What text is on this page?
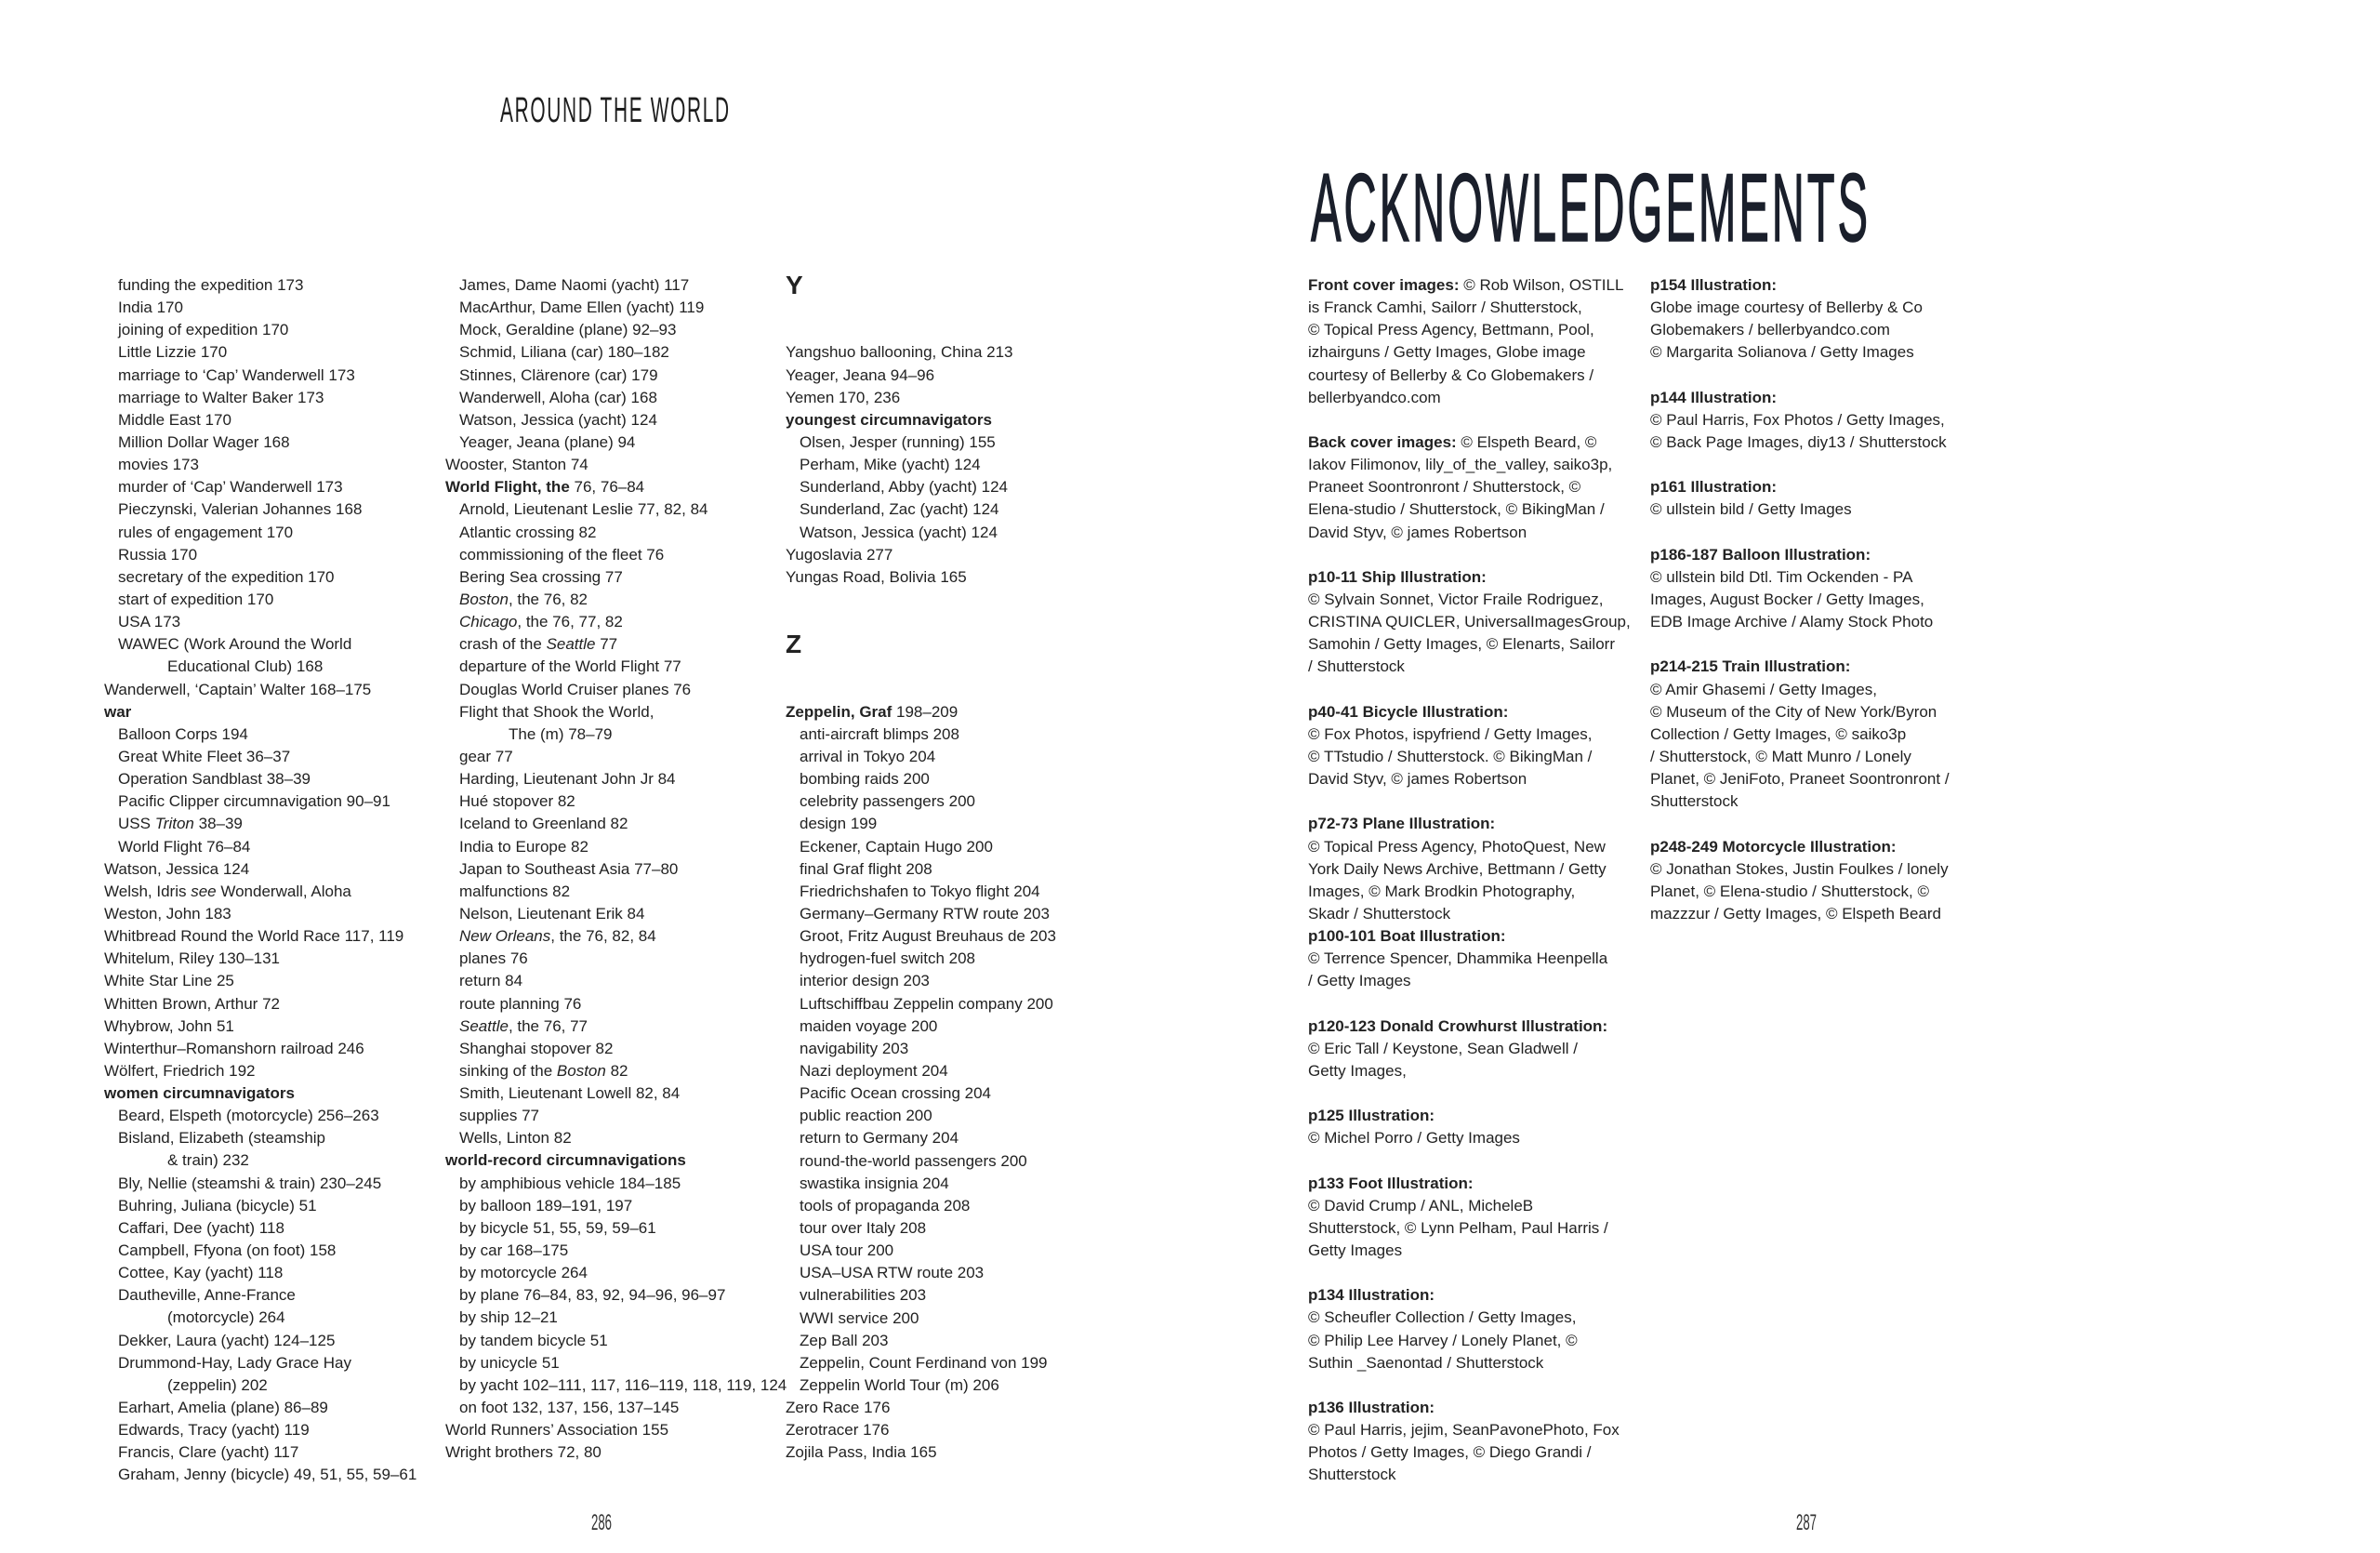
AROUND THE WORLD
funding the expedition 173
India 170
joining of expedition 170
Little Lizzie 170
marriage to ‘Cap’ Wanderwell 173
marriage to Walter Baker 173
Middle East 170
Million Dollar Wager 168
movies 173
murder of ‘Cap’ Wanderwell 173
Pieczynski, Valerian Johannes 168
rules of engagement 170
Russia 170
secretary of the expedition 170
start of expedition 170
USA 173
WAWEC (Work Around the World
Educational Club) 168
Wanderwell, ‘Captain’ Walter 168–175
war
Balloon Corps 194
Great White Fleet 36–37
Operation Sandblast 38–39
Pacific Clipper circumnavigation 90–91
USS Triton 38–39
World Flight 76–84
Watson, Jessica 124
Welsh, Idris see Wonderwall, Aloha
Weston, John 183
Whitbread Round the World Race 117, 119
Whitelum, Riley 130–131
White Star Line 25
Whitten Brown, Arthur 72
Whybrow, John 51
Winterthur–Romanshorn railroad 246
Wölfert, Friedrich 192
women circumnavigators
Beard, Elspeth (motorcycle) 256–263
Bisland, Elizabeth (steamship
& train) 232
Bly, Nellie (steamshi & train) 230–245
Buhring, Juliana (bicycle) 51
Caffari, Dee (yacht) 118
Campbell, Ffyona (on foot) 158
Cottee, Kay (yacht) 118
Dautheville, Anne-France
(motorcycle) 264
Dekker, Laura (yacht) 124–125
Drummond-Hay, Lady Grace Hay
(zeppelin) 202
Earhart, Amelia (plane) 86–89
Edwards, Tracy (yacht) 119
Francis, Clare (yacht) 117
Graham, Jenny (bicycle) 49, 51, 55, 59–61
James, Dame Naomi (yacht) 117
MacArthur, Dame Ellen (yacht) 119
Mock, Geraldine (plane) 92–93
Schmid, Liliana (car) 180–182
Stinnes, Clärenore (car) 179
Wanderwell, Aloha (car) 168
Watson, Jessica (yacht) 124
Yeager, Jeana (plane) 94
Wooster, Stanton 74
World Flight, the 76, 76–84
Arnold, Lieutenant Leslie 77, 82, 84
Atlantic crossing 82
commissioning of the fleet 76
Bering Sea crossing 77
Boston, the 76, 82
Chicago, the 76, 77, 82
crash of the Seattle 77
departure of the World Flight 77
Douglas World Cruiser planes 76
Flight that Shook the World,
The (m) 78–79
gear 77
Harding, Lieutenant John Jr 84
Hué stopover 82
Iceland to Greenland 82
India to Europe 82
Japan to Southeast Asia 77–80
malfunctions 82
Nelson, Lieutenant Erik 84
New Orleans, the 76, 82, 84
planes 76
return 84
route planning 76
Seattle, the 76, 77
Shanghai stopover 82
sinking of the Boston 82
Smith, Lieutenant Lowell 82, 84
supplies 77
Wells, Linton 82
world-record circumnavigations
by amphibious vehicle 184–185
by balloon 189–191, 197
by bicycle 51, 55, 59, 59–61
by car 168–175
by motorcycle 264
by plane 76–84, 83, 92, 94–96, 96–97
by ship 12–21
by tandem bicycle 51
by unicycle 51
by yacht 102–111, 117, 116–119, 118, 119, 124
on foot 132, 137, 156, 137–145
World Runners’ Association 155
Wright brothers 72, 80
Y
Yangshuo ballooning, China 213
Yeager, Jeana 94–96
Yemen 170, 236
youngest circumnavigators
Olsen, Jesper (running) 155
Perham, Mike (yacht) 124
Sunderland, Abby (yacht) 124
Sunderland, Zac (yacht) 124
Watson, Jessica (yacht) 124
Yugoslavia 277
Yungas Road, Bolivia 165
Z
Zeppelin, Graf 198–209
anti-aircraft blimps 208
arrival in Tokyo 204
bombing raids 200
celebrity passengers 200
design 199
Eckener, Captain Hugo 200
final Graf flight 208
Friedrichshafen to Tokyo flight 204
Germany–Germany RTW route 203
Groot, Fritz August Breuhaus de 203
hydrogen-fuel switch 208
interior design 203
Luftschiffbau Zeppelin company 200
maiden voyage 200
navigability 203
Nazi deployment 204
Pacific Ocean crossing 204
public reaction 200
return to Germany 204
round-the-world passengers 200
swastika insignia 204
tools of propaganda 208
tour over Italy 208
USA tour 200
USA–USA RTW route 203
vulnerabilities 203
WWI service 200
Zep Ball 203
Zeppelin, Count Ferdinand von 199
Zeppelin World Tour (m) 206
Zero Race 176
Zerotracer 176
Zojila Pass, India 165
286
ACKNOWLEDGEMENTS
Front cover images: © Rob Wilson, OSTILL
is Franck Camhi, Sailorr / Shutterstock,
© Topical Press Agency, Bettmann, Pool,
izhairguns / Getty Images, Globe image
courtesy of Bellerby & Co Globemakers /
bellerbyandco.com
Back cover images: © Elspeth Beard, ©
Iakov Filimonov, lily_of_the_valley, saiko3p,
Praneet Soontronront / Shutterstock, ©
Elena-studio / Shutterstock, © BikingMan /
David Styv, © james Robertson
p10-11 Ship Illustration:
© Sylvain Sonnet, Victor Fraile Rodriguez,
CRISTINA QUICLER, UniversalImagesGroup,
Samohin / Getty Images, © Elenarts, Sailorr
/ Shutterstock
p40-41 Bicycle Illustration:
© Fox Photos, ispyfriend / Getty Images,
© TTstudio / Shutterstock. © BikingMan /
David Styv, © james Robertson
p72-73 Plane Illustration:
© Topical Press Agency, PhotoQuest, New
York Daily News Archive, Bettmann / Getty
Images, © Mark Brodkin Photography,
Skadr / Shutterstock
p100-101 Boat Illustration:
© Terrence Spencer, Dhammika Heenpella
/ Getty Images
p120-123 Donald Crowhurst Illustration:
© Eric Tall / Keystone, Sean Gladwell /
Getty Images,
p125 Illustration:
© Michel Porro / Getty Images
p133 Foot Illustration:
© David Crump / ANL, MicheleB
Shutterstock, © Lynn Pelham, Paul Harris /
Getty Images
p134 Illustration:
© Scheufler Collection / Getty Images,
© Philip Lee Harvey / Lonely Planet, ©
Suthin _Saenontad / Shutterstock
p136 Illustration:
© Paul Harris, jejim, SeanPavonePhoto, Fox
Photos / Getty Images, © Diego Grandi /
Shutterstock
p154 Illustration:
Globe image courtesy of Bellerby & Co
Globemakers / bellerbyandco.com
© Margarita Solianova / Getty Images
p144 Illustration:
© Paul Harris, Fox Photos / Getty Images,
© Back Page Images, diy13 / Shutterstock
p161 Illustration:
© ullstein bild / Getty Images
p186-187 Balloon Illustration:
© ullstein bild Dtl. Tim Ockenden - PA
Images, August Bocker / Getty Images,
EDB Image Archive / Alamy Stock Photo
p214-215 Train Illustration:
© Amir Ghasemi / Getty Images,
© Museum of the City of New York/Byron
Collection / Getty Images, © saiko3p
/ Shutterstock, © Matt Munro / Lonely
Planet, © JeniFoto, Praneet Soontronront /
Shutterstock
p248-249 Motorcycle Illustration:
© Jonathan Stokes, Justin Foulkes / lonely
Planet, © Elena-studio / Shutterstock, ©
mazzzur / Getty Images, © Elspeth Beard
287
